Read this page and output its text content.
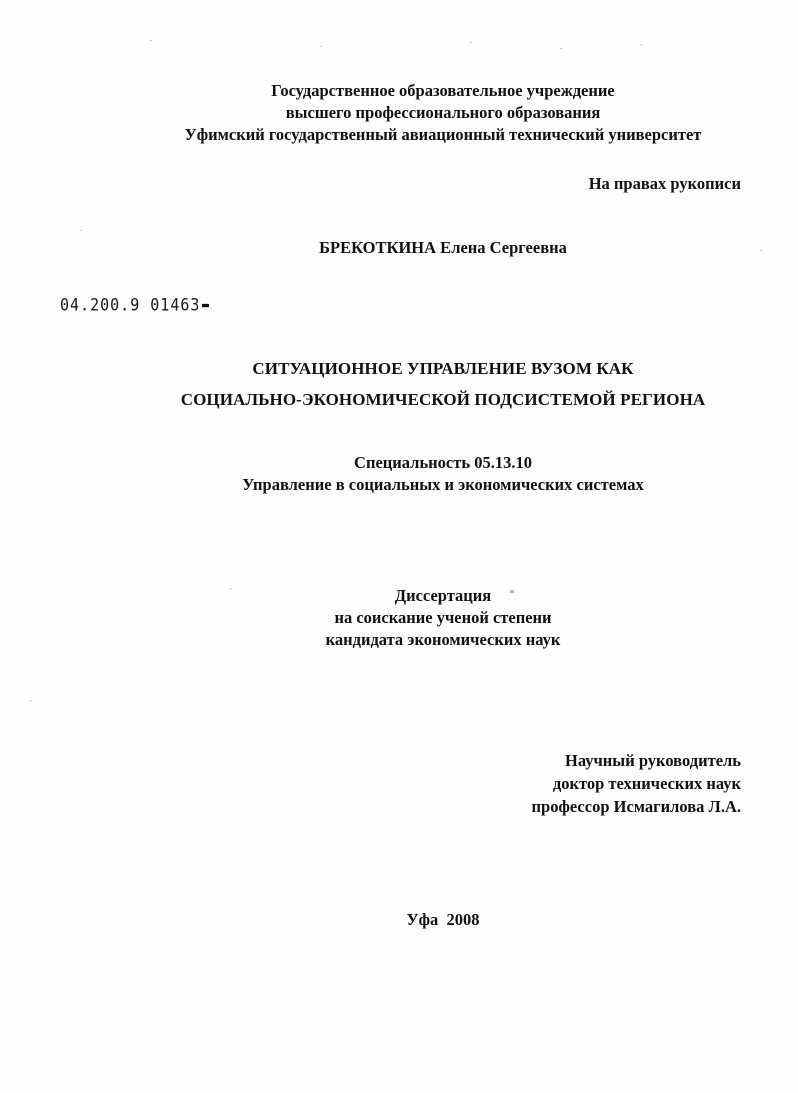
Государственное образовательное учреждение
высшего профессионального образования
Уфимский государственный авиационный технический университет
На правах рукописи
БРЕКОТКИНА Елена Сергеевна
04.200.9 01463
СИТУАЦИОННОЕ УПРАВЛЕНИЕ ВУЗОМ КАК
СОЦИАЛЬНО-ЭКОНОМИЧЕСКОЙ ПОДСИСТЕМОЙ РЕГИОНА
Специальность 05.13.10
Управление в социальных и экономических системах
Диссертация
на соискание ученой степени
кандидата экономических наук
Научный руководитель
доктор технических наук
профессор Исмагилова Л.А.
Уфа  2008
